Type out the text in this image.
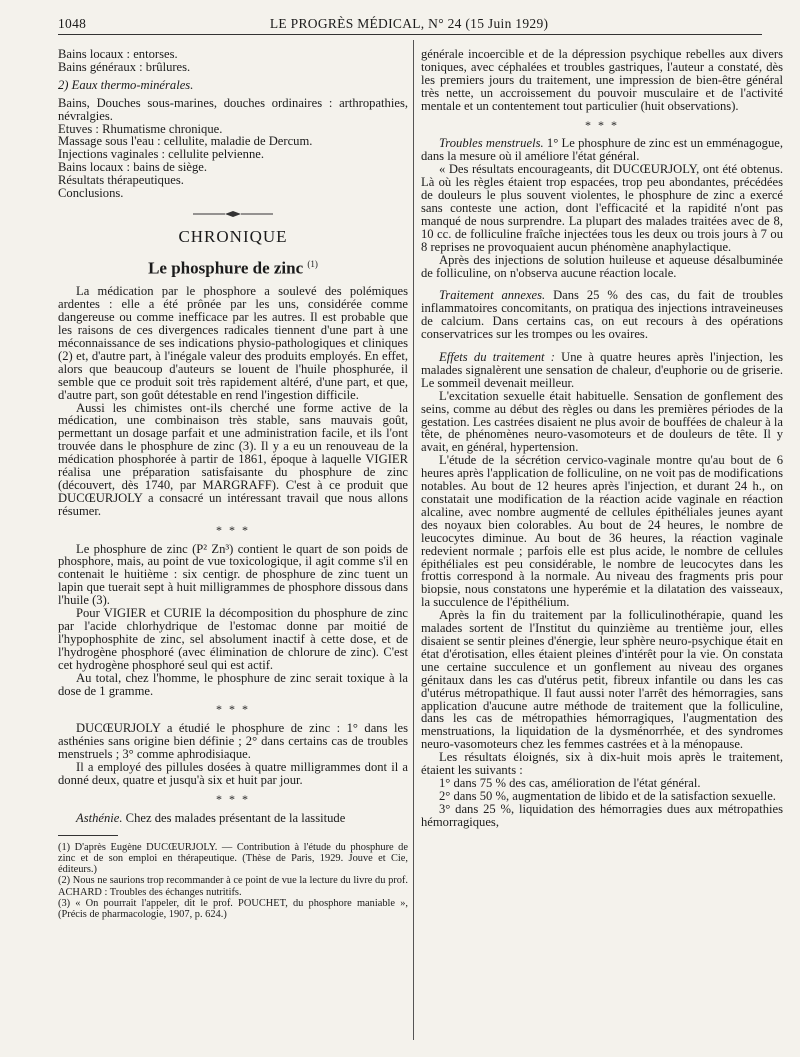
1048	LE PROGRÈS MÉDICAL, N° 24 (15 Juin 1929)

Bains locaux : entorses.

Bains généraux : brûlures.

2) Eaux thermo-minérales.

Bains, Douches sous-marines, douches ordinaires : arthropathies, névralgies.

Etuves : Rhumatisme chronique.

Massage sous l'eau : cellulite, maladie de Dercum.

Injections vaginales : cellulite pelvienne.

Bains locaux : bains de siège.

Résultats thérapeutiques.

Conclusions.

CHRONIQUE
Le phosphure de zinc $^{(1)}$

La médication par le phosphore a soulevé des polémiques ardentes : elle a été prônée par les uns, considérée comme dangereuse ou comme inefficace par les autres. Il est probable que les raisons de ces divergences radicales tiennent d'une part à une méconnaissance de ses indications physio-pathologiques et cliniques (2) et, d'autre part, à l'inégale valeur des produits employés. En effet, alors que beaucoup d'auteurs se louent de l'huile phosphurée, il semble que ce produit soit très rapidement altéré, d'une part, et que, d'autre part, son goût détestable en rend l'ingestion difficile.

Aussi les chimistes ont-ils cherché une forme active de la médication, une combinaison très stable, sans mauvais goût, permettant un dosage parfait et une administration facile, et ils l'ont trouvée dans le phosphure de zinc (3). Il y a eu un renouveau de la médication phosphorée à partir de 1861, époque à laquelle VIGIER réalisa une préparation satisfaisante du phosphure de zinc (découvert, dès 1740, par MARGRAFF). C'est à ce produit que DUCŒURJOLY a consacré un intéressant travail que nous allons résumer.

* * *

Le phosphure de zinc (P² Zn³) contient le quart de son poids de phosphore, mais, au point de vue toxicologique, il agit comme s'il en contenait le huitième : six centigr. de phosphure de zinc tuent un lapin que tuerait sept à huit milligrammes de phosphore dissous dans l'huile (3).

Pour VIGIER et CURIE la décomposition du phosphure de zinc par l'acide chlorhydrique de l'estomac donne par moitié de l'hypophosphite de zinc, sel absolument inactif à cette dose, et de l'hydrogène phosphoré (avec élimination de chlorure de zinc). C'est cet hydrogène phosphoré seul qui est actif.

Au total, chez l'homme, le phosphure de zinc serait toxique à la dose de 1 gramme.

* * *

DUCŒURJOLY a étudié le phosphure de zinc : 1° dans les asthénies sans origine bien définie ; 2° dans certains cas de troubles menstruels ; 3° comme aphrodisiaque.

Il a employé des pillules dosées à quatre milligrammes dont il a donné deux, quatre et jusqu'à six et huit par jour.

* * *

Asthénie. Chez des malades présentant de la lassitude

(1) D'après Eugène DUCŒURJOLY. — Contribution à l'étude du phosphure de zinc et de son emploi en thérapeutique. (Thèse de Paris, 1929. Jouve et Cie, éditeurs.)

(2) Nous ne saurions trop recommander à ce point de vue la lecture du livre du prof. ACHARD : Troubles des échanges nutritifs.

(3) « On pourrait l'appeler, dit le prof. POUCHET, du phosphore maniable », (Précis de pharmacologie, 1907, p. 624.)

générale incoercible et de la dépression psychique rebelles aux divers toniques, avec céphalées et troubles gastriques, l'auteur a constaté, dès les premiers jours du traitement, une impression de bien-être général très nette, un accroissement du pouvoir musculaire et de l'activité mentale et un contentement tout particulier (huit observations).

* * *

Troubles menstruels. 1° Le phosphure de zinc est un emménagogue, dans la mesure où il améliore l'état général.

« Des résultats encourageants, dit DUCŒURJOLY, ont été obtenus. Là où les règles étaient trop espacées, trop peu abondantes, précédées de douleurs le plus souvent violentes, le phosphure de zinc a exercé sans conteste une action, dont l'efficacité et la rapidité n'ont pas manqué de nous surprendre. La plupart des malades traitées avec de 8, 10 cc. de folliculine fraîche injectées tous les deux ou trois jours à 7 ou 8 reprises ne provoquaient aucun phénomène anaphylactique.

Après des injections de solution huileuse et aqueuse désalbuminée de folliculine, on n'observa aucune réaction locale.

Traitement annexes. Dans 25 % des cas, du fait de troubles inflammatoires concomitants, on pratiqua des injections intraveineuses de calcium. Dans certains cas, on eut recours à des opérations conservatrices sur les trompes ou les ovaires.

Effets du traitement : Une à quatre heures après l'injection, les malades signalèrent une sensation de chaleur, d'euphorie ou de griserie. Le sommeil devenait meilleur.

L'excitation sexuelle était habituelle. Sensation de gonflement des seins, comme au début des règles ou dans les premières périodes de la gestation. Les castrées disaient ne plus avoir de bouffées de chaleur à la tête, de phénomènes neuro-vasomoteurs et de douleurs de tête. Il y avait, en général, hypertension.

L'étude de la sécrétion cervico-vaginale montre qu'au bout de 6 heures après l'application de folliculine, on ne voit pas de modifications notables. Au bout de 12 heures après l'injection, et durant 24 h., on constatait une modification de la réaction acide vaginale en réaction alcaline, avec nombre augmenté de cellules épithéliales jeunes ayant des noyaux bien colorables. Au bout de 24 heures, le nombre de leucocytes diminue. Au bout de 36 heures, la réaction vaginale redevient normale ; parfois elle est plus acide, le nombre de cellules épithéliales est peu considérable, le nombre de leucocytes dans les frottis correspond à la normale. Au niveau des fragments pris pour biopsie, nous constatons une hyperémie et la dilatation des vaisseaux, la succulence de l'épithélium.

Après la fin du traitement par la folliculinothérapie, quand les malades sortent de l'Institut du quinzième au trentième jour, elles disaient se sentir pleines d'énergie, leur sphère neuro-psychique était en état d'érotisation, elles étaient pleines d'intérêt pour la vie. On constata une certaine succulence et un gonflement au niveau des organes génitaux dans les cas d'utérus petit, fibreux infantile ou dans les cas d'utérus métropathique. Il faut aussi noter l'arrêt des hémorragies, sans application d'aucune autre méthode de traitement que la folliculine, dans les cas de métropathies hémorragiques, l'augmentation des menstruations, la liquidation de la dysménorrhée, et des syndromes neuro-vasomoteurs chez les femmes castrées et à la ménopause.

Les résultats éloignés, six à dix-huit mois après le traitement, étaient les suivants :

1° dans 75 % des cas, amélioration de l'état général.

2° dans 50 %, augmentation de libido et de la satisfaction sexuelle.

3° dans 25 %, liquidation des hémorragies dues aux métropathies hémorragiques,
